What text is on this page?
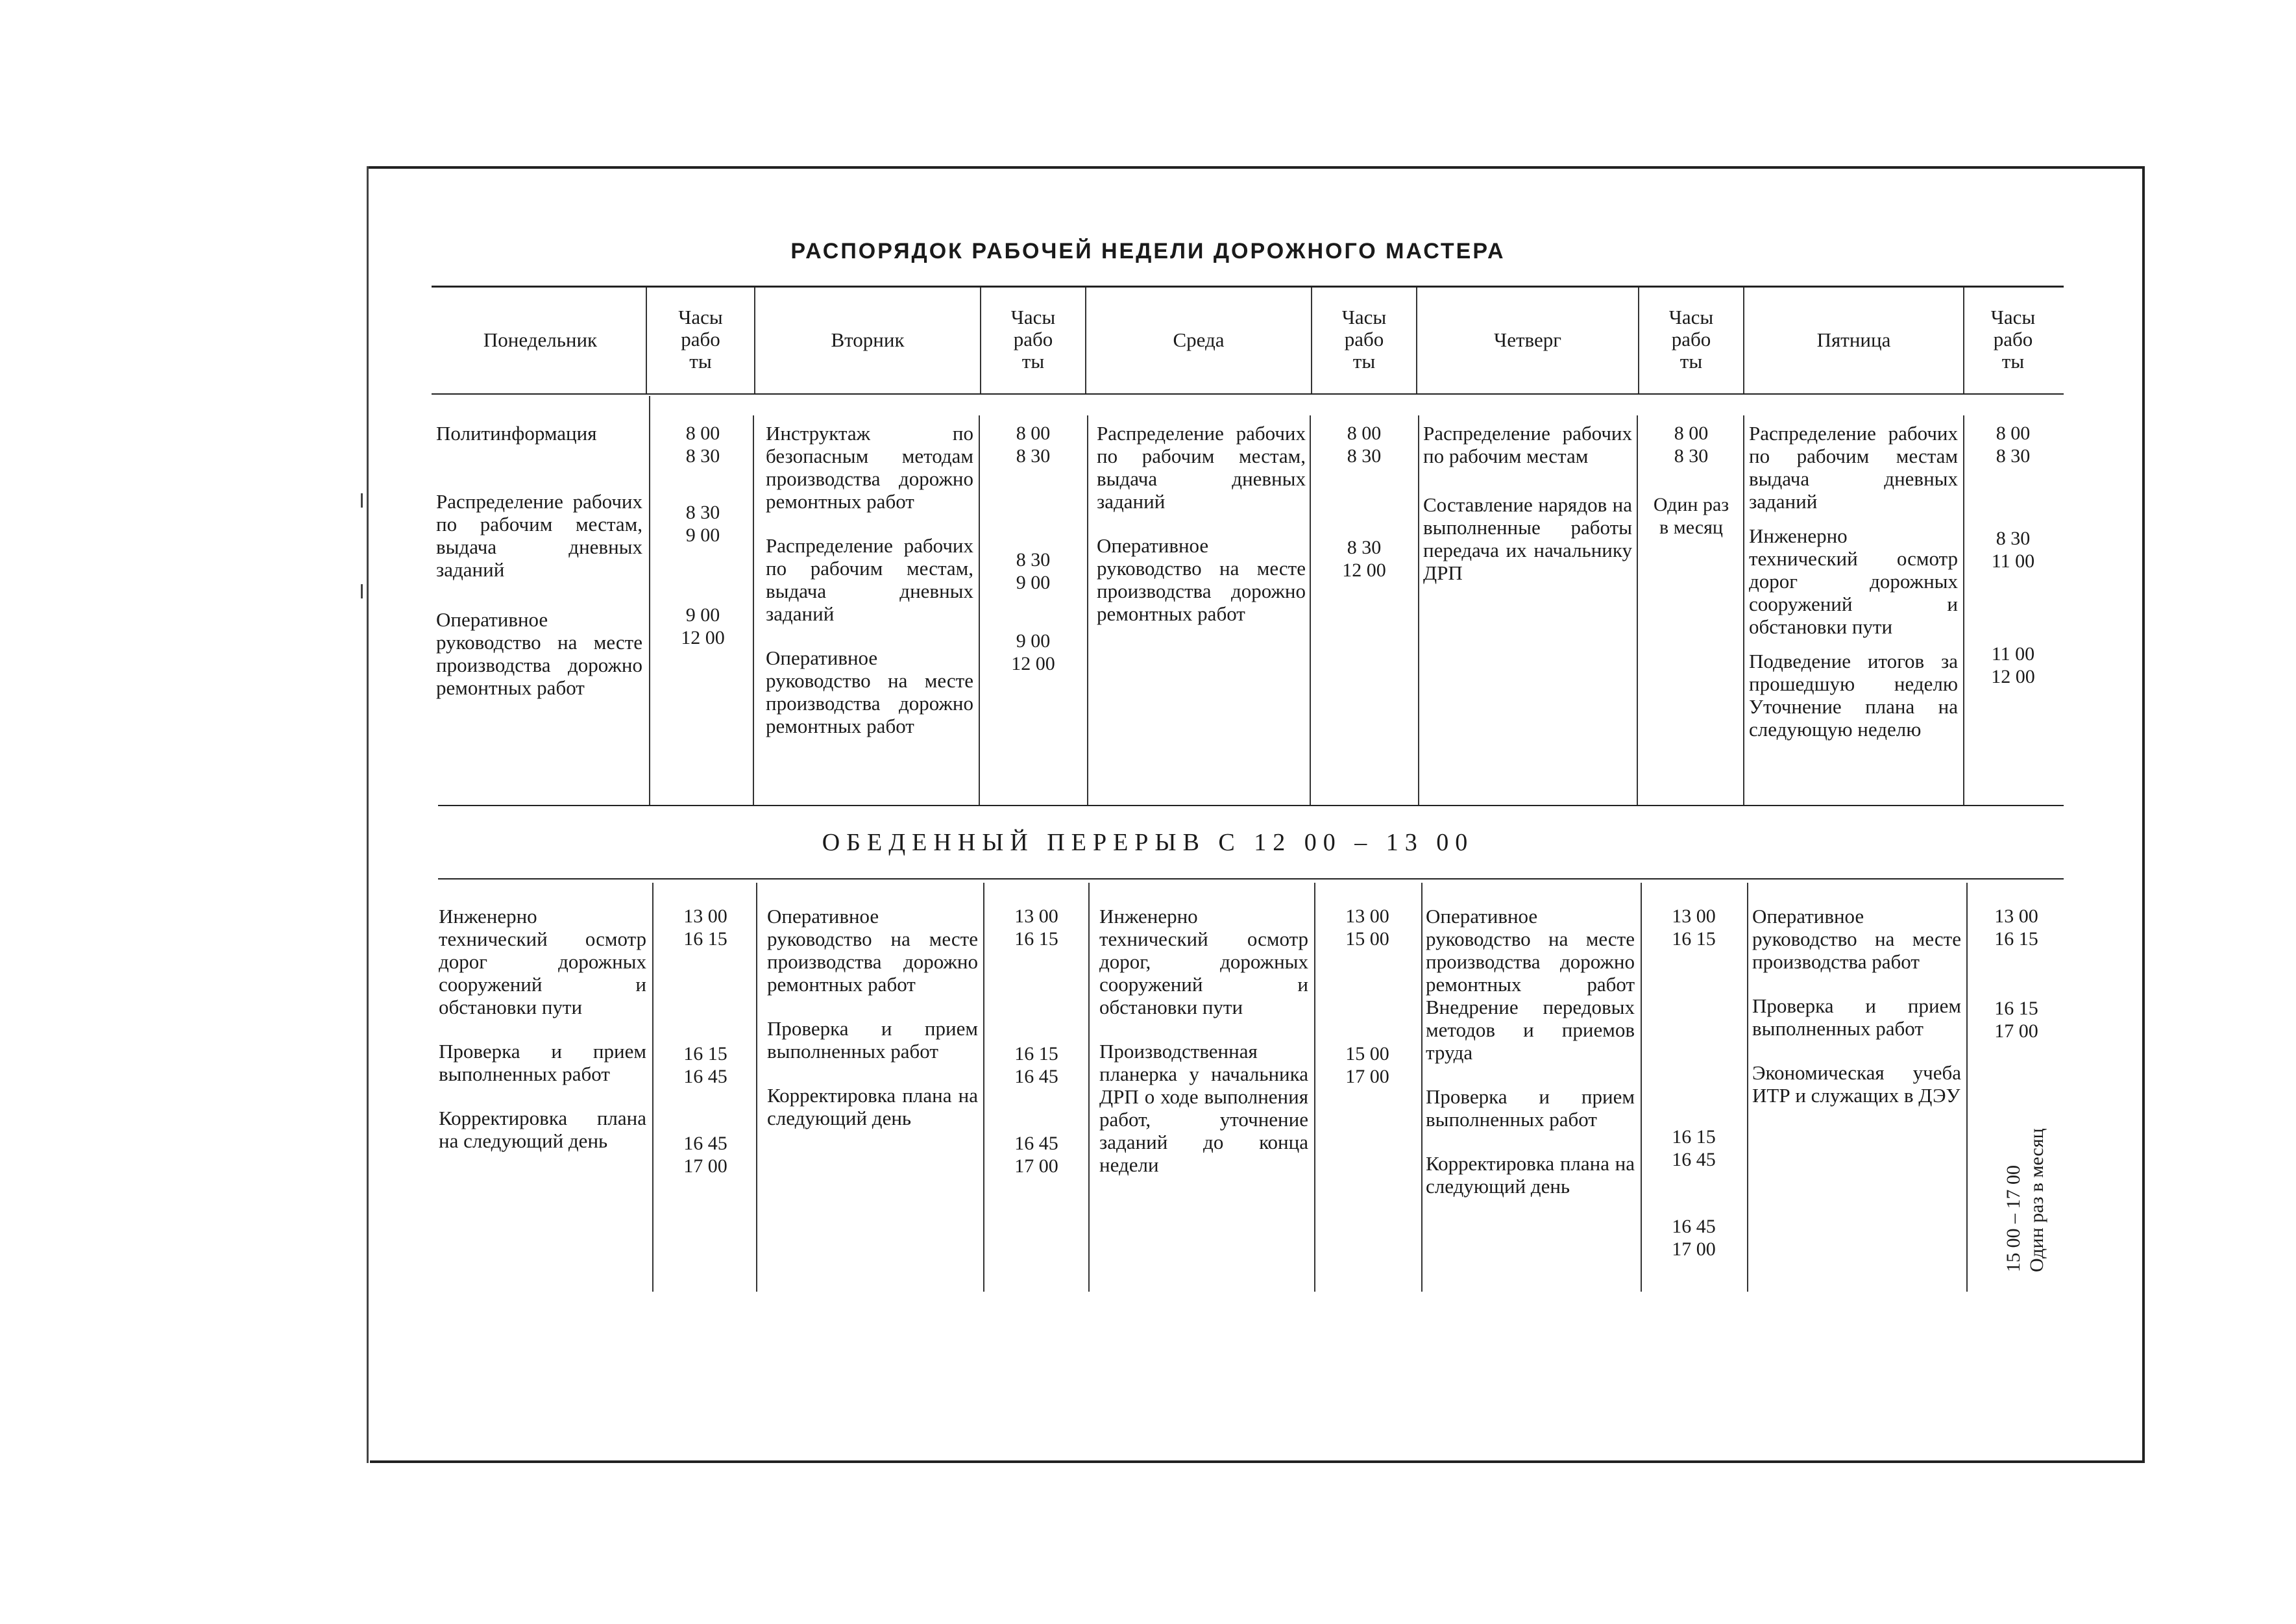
РАСПОРЯДОК РАБОЧЕЙ НЕДЕЛИ ДОРОЖНОГО МАСТЕРА
Понедельник
Часы
рабо
ты
Вторник
Часы
рабо
ты
Среда
Часы
рабо
ты
Четверг
Часы
рабо
ты
Пятница
Часы
рабо
ты

Политинформация

Распределение рабочих по рабочим местам, выдача дневных заданий

Оперативное руководство на месте производства дорожно ремонтных работ

8 00
8 30
8 30
9 00
9 00
12 00

Инструктаж по безопасным методам производства дорожно ремонтных работ

Распределение рабочих по рабочим местам, выдача дневных заданий

Оперативное руководство на месте производства дорожно ремонтных работ

8 00
8 30
8 30
9 00
9 00
12 00

Распределение рабочих по рабочим местам, выдача дневных заданий

Оперативное руководство на месте производства дорожно ремонтных работ

8 00
8 30
8 30
12 00

Распределение рабочих по рабочим местам

Составление нарядов на выполненные работы передача их начальнику ДРП

8 00
8 30
Один раз
в месяц

Распределение рабочих по рабочим местам выдача дневных заданий

Инженерно технический осмотр дорог дорожных сооружений и обстановки пути

Подведение итогов за прошедшую неделю Уточнение плана на следующую неделю

8 00
8 30
8 30
11 00
11 00
12 00
ОБЕДЕННЫЙ ПЕРЕРЫВ С 12 00 – 13 00

Инженерно технический осмотр дорог дорожных сооружений и обстановки пути

Проверка и прием выполненных работ

Корректировка плана на следующий день

13 00
16 15
16 15
16 45
16 45
17 00

Оперативное руководство на месте производства дорожно ремонтных работ

Проверка и прием выполненных работ

Корректировка плана на следующий день

13 00
16 15
16 15
16 45
16 45
17 00

Инженерно технический осмотр дорог, дорожных сооружений и обстановки пути

Производственная планерка у начальника ДРП о ходе выполнения работ, уточнение заданий до конца недели

13 00
15 00
15 00
17 00

Оперативное руководство на месте производства дорожно ремонтных работ Внедрение передовых методов и приемов труда

Проверка и прием выполненных работ

Корректировка плана на следующий день

13 00
16 15
16 15
16 45
16 45
17 00

Оперативное руководство на месте производства работ

Проверка и прием выполненных работ

Экономическая учеба ИТР и служащих в ДЭУ

13 00
16 15
16 15
17 00
15 00 – 17 00 Один раз в месяц
